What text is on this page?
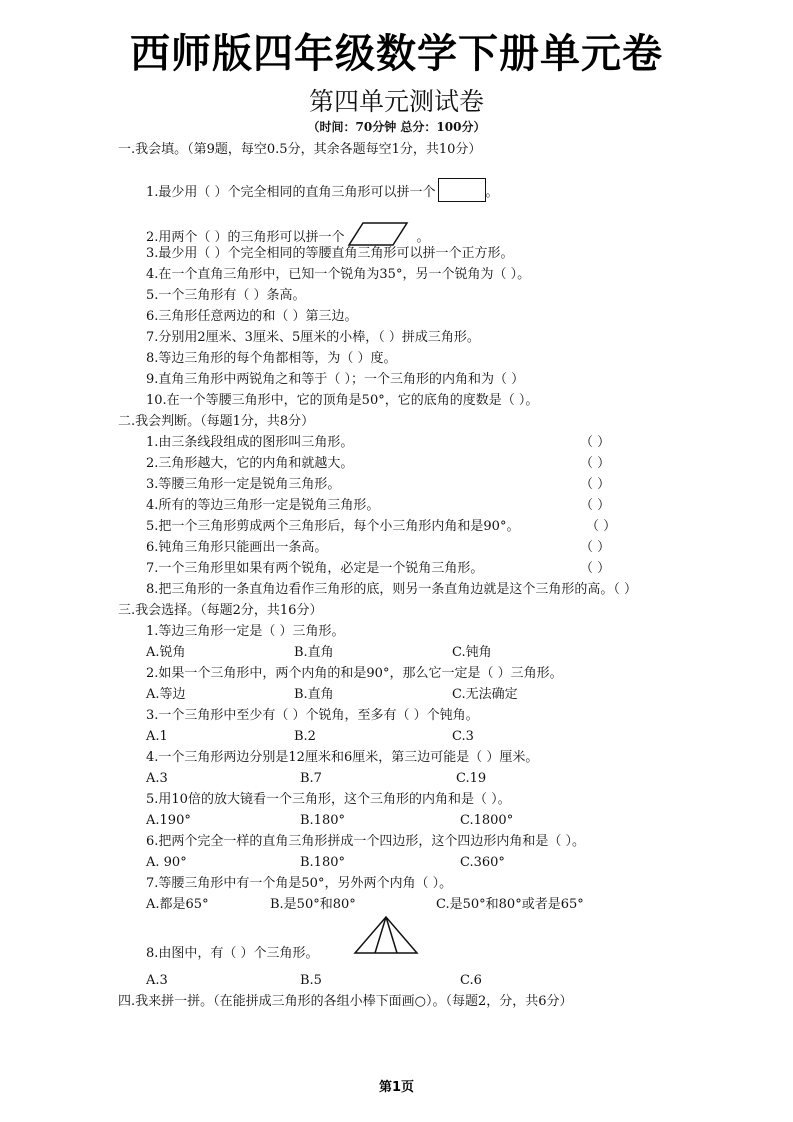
西师版四年级数学下册单元卷
第四单元测试卷
（时间：70分钟 总分：100分）
一.我会填。（第9题，每空0.5分，其余各题每空1分，共10分）
1.最少用（ ）个完全相同的直角三角形可以拼一个	。
2.用两个（ ）的三角形可以拼一个	。
3.最少用（ ）个完全相同的等腰直角三角形可以拼一个正方形。
4.在一个直角三角形中，已知一个锐角为35°，另一个锐角为（ ）。
5.一个三角形有（ ）条高。
6.三角形任意两边的和（ ）第三边。
7.分别用2厘米、3厘米、5厘米的小棒，（ ）拼成三角形。
8.等边三角形的每个角都相等，为（ ）度。
9.直角三角形中两锐角之和等于（ ）；一个三角形的内角和为（ ）
10.在一个等腰三角形中，它的顶角是50°，它的底角的度数是（ ）。
二.我会判断。（每题1分，共8分）
1.由三条线段组成的图形叫三角形。	（ ）
2.三角形越大，它的内角和就越大。	（ ）
3.等腰三角形一定是锐角三角形。	（ ）
4.所有的等边三角形一定是锐角三角形。	（ ）
5.把一个三角形剪成两个三角形后，每个小三角形内角和是90°。	（ ）
6.钝角三角形只能画出一条高。	（ ）
7.一个三角形里如果有两个锐角，必定是一个锐角三角形。	（ ）
8.把三角形的一条直角边看作三角形的底，则另一条直角边就是这个三角形的高。（ ）
三.我会选择。（每题2分，共16分）
1.等边三角形一定是（ ）三角形。
A.锐角	B.直角	C.钝角
2.如果一个三角形中，两个内角的和是90°，那么它一定是（ ）三角形。
A.等边	B.直角	C.无法确定
3.一个三角形中至少有（ ）个锐角，至多有（ ）个钝角。
A.1	B.2	C.3
4.一个三角形两边分别是12厘米和6厘米，第三边可能是（ ）厘米。
A.3	B.7	C.19
5.用10倍的放大镜看一个三角形，这个三角形的内角和是（ ）。
A.190°	B.180°	C.1800°
6.把两个完全一样的直角三角形拼成一个四边形，这个四边形内角和是（ ）。
A. 90°	B.180°	C.360°
7.等腰三角形中有一个角是50°，另外两个内角（ ）。
A.都是65°	B.是50°和80°	C.是50°和80°或者是65°
8.由图中，有（ ）个三角形。
A.3	B.5	C.6
四.我来拼一拼。（在能拼成三角形的各组小棒下面画○）。（每题2，分，共6分）
第1页
